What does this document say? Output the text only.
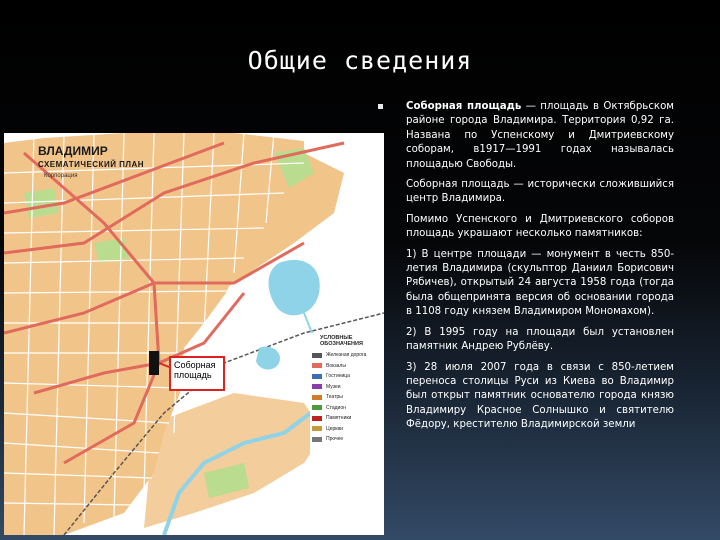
Общие сведения
ВЛАДИМИР
СХЕМАТИЧЕСКИЙ ПЛАН
Корпорация
Соборная
площадь
УСЛОВНЫЕ ОБОЗНАЧЕНИЯ
Железная дорога
Вокзалы
Гостиница
Музеи
Театры
Стадион
Памятники
Церкви
Прочее

Соборная площадь — площадь в Октябрьском районе города Владимира. Территория 0,92 га. Названа по Успенскому и Дмитриевскому соборам, в1917—1991 годах называлась площадью Свободы.

Соборная площадь — исторически сложившийся центр Владимира.

Помимо Успенского и Дмитриевского соборов площадь украшают несколько памятников:

1) В центре площади — монумент в честь 850-летия Владимира (скульптор Даниил Борисович Рябичев), открытый 24 августа 1958 года (тогда была общепринята версия об основании города в 1108 году князем Владимиром Мономахом).

2) В 1995 году на площади был установлен памятник Андрею Рублёву.

3) 28 июля 2007 года в связи с 850-летием переноса столицы Руси из Киева во Владимир был открыт памятник основателю города князю Владимиру Красное Солнышко и святителю Фёдору, крестителю Владимирской земли
